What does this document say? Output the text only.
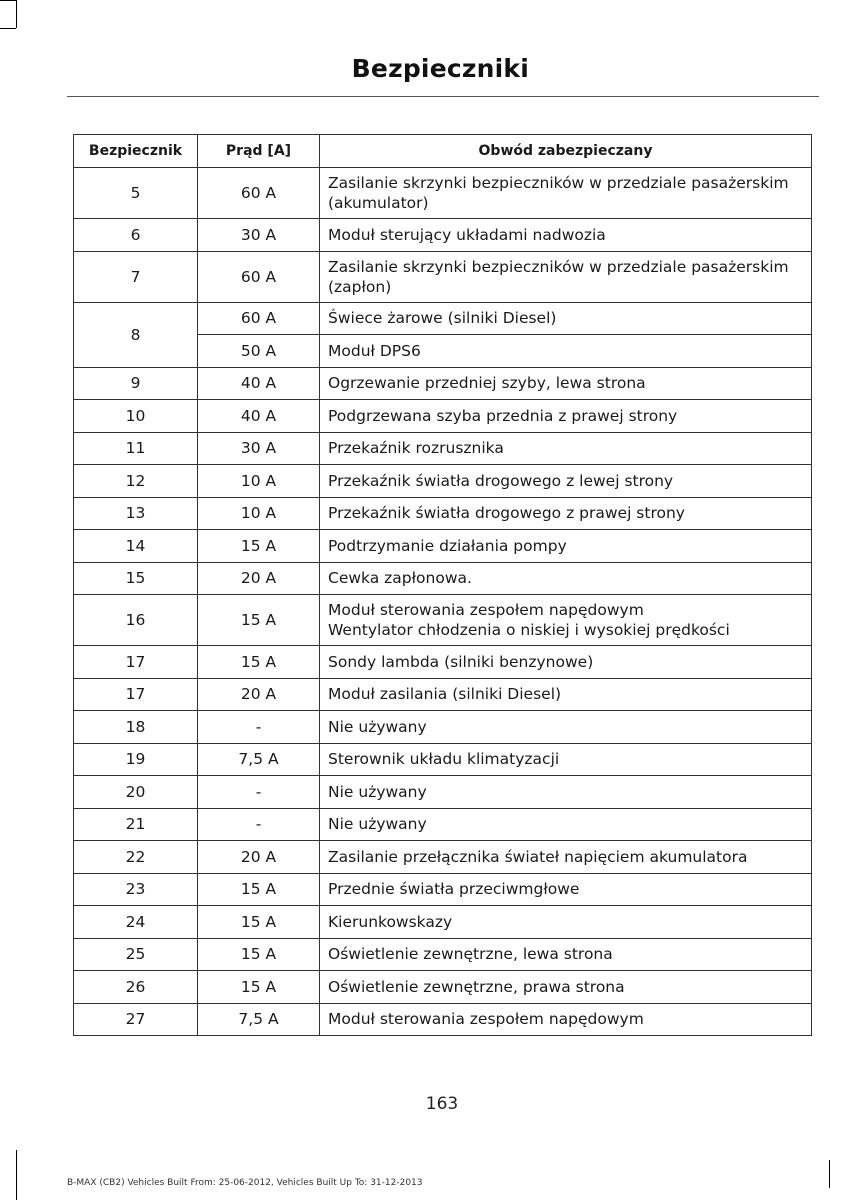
Bezpieczniki
Bezpiecznik	Prąd [A]	Obwód zabezpieczany
5	60 A	Zasilanie skrzynki bezpieczników w przedziale pasażerskim
(akumulator)
6	30 A	Moduł sterujący układami nadwozia
7	60 A	Zasilanie skrzynki bezpieczników w przedziale pasażerskim
(zapłon)
8	60 A	Świece żarowe (silniki Diesel)
	50 A	Moduł DPS6
9	40 A	Ogrzewanie przedniej szyby, lewa strona
10	40 A	Podgrzewana szyba przednia z prawej strony
11	30 A	Przekaźnik rozrusznika
12	10 A	Przekaźnik światła drogowego z lewej strony
13	10 A	Przekaźnik światła drogowego z prawej strony
14	15 A	Podtrzymanie działania pompy
15	20 A	Cewka zapłonowa.
16	15 A	Moduł sterowania zespołem napędowym
Wentylator chłodzenia o niskiej i wysokiej prędkości
17	15 A	Sondy lambda (silniki benzynowe)
17	20 A	Moduł zasilania (silniki Diesel)
18	-	Nie używany
19	7,5 A	Sterownik układu klimatyzacji
20	-	Nie używany
21	-	Nie używany
22	20 A	Zasilanie przełącznika świateł napięciem akumulatora
23	15 A	Przednie światła przeciwmgłowe
24	15 A	Kierunkowskazy
25	15 A	Oświetlenie zewnętrzne, lewa strona
26	15 A	Oświetlenie zewnętrzne, prawa strona
27	7,5 A	Moduł sterowania zespołem napędowym
163
B-MAX (CB2) Vehicles Built From: 25-06-2012, Vehicles Built Up To: 31-12-2013
